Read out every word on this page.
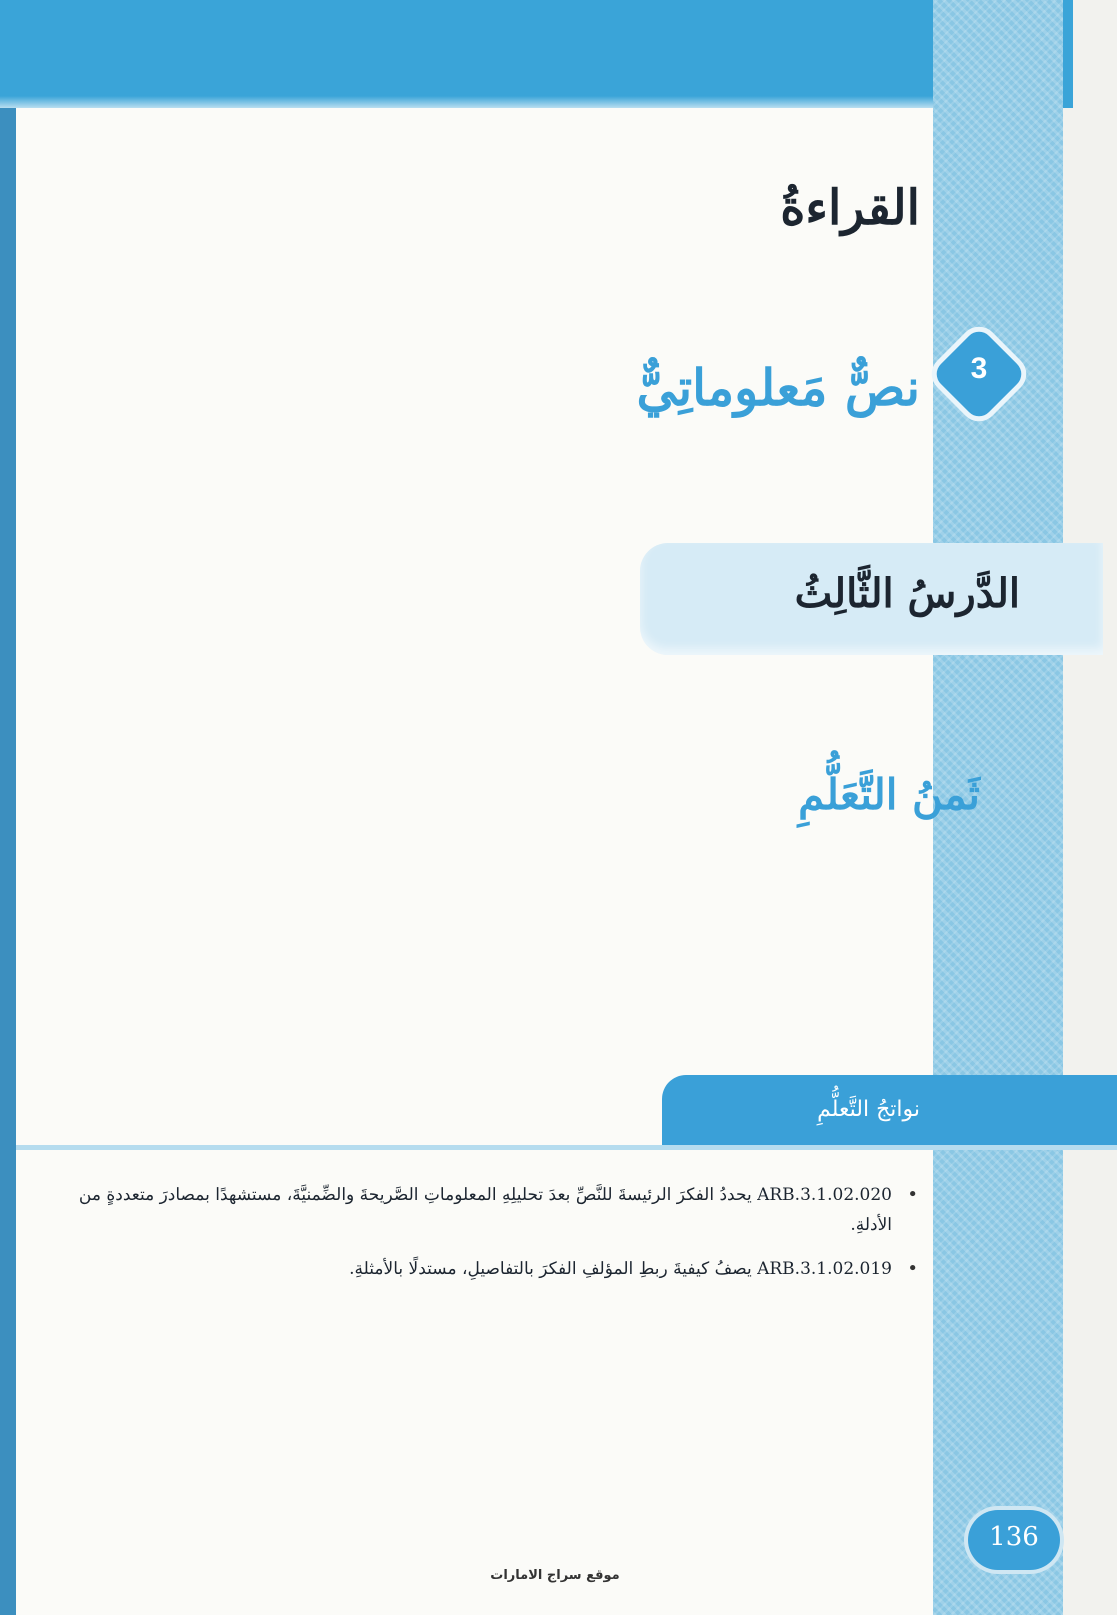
القراءةُ
3
نصٌّ مَعلوماتِيٌّ
الدَّرسُ الثَّالِثُ
ثَمنُ التَّعَلُّمِ
نواتجُ التَّعلُّمِ
•
ARB.3.1.02.020 يحددُ الفكرَ الرئيسةَ للنَّصِّ بعدَ تحليلِهِ المعلوماتِ الصَّريحةَ والضِّمنيَّةَ، مستشهدًا بمصادرَ متعددةٍ من الأدلةِ.
•
ARB.3.1.02.019 يصفُ كيفيةَ ربطِ المؤلفِ الفكرَ بالتفاصيلِ، مستدلًا بالأمثلةِ.
موقع سراج الامارات
136
